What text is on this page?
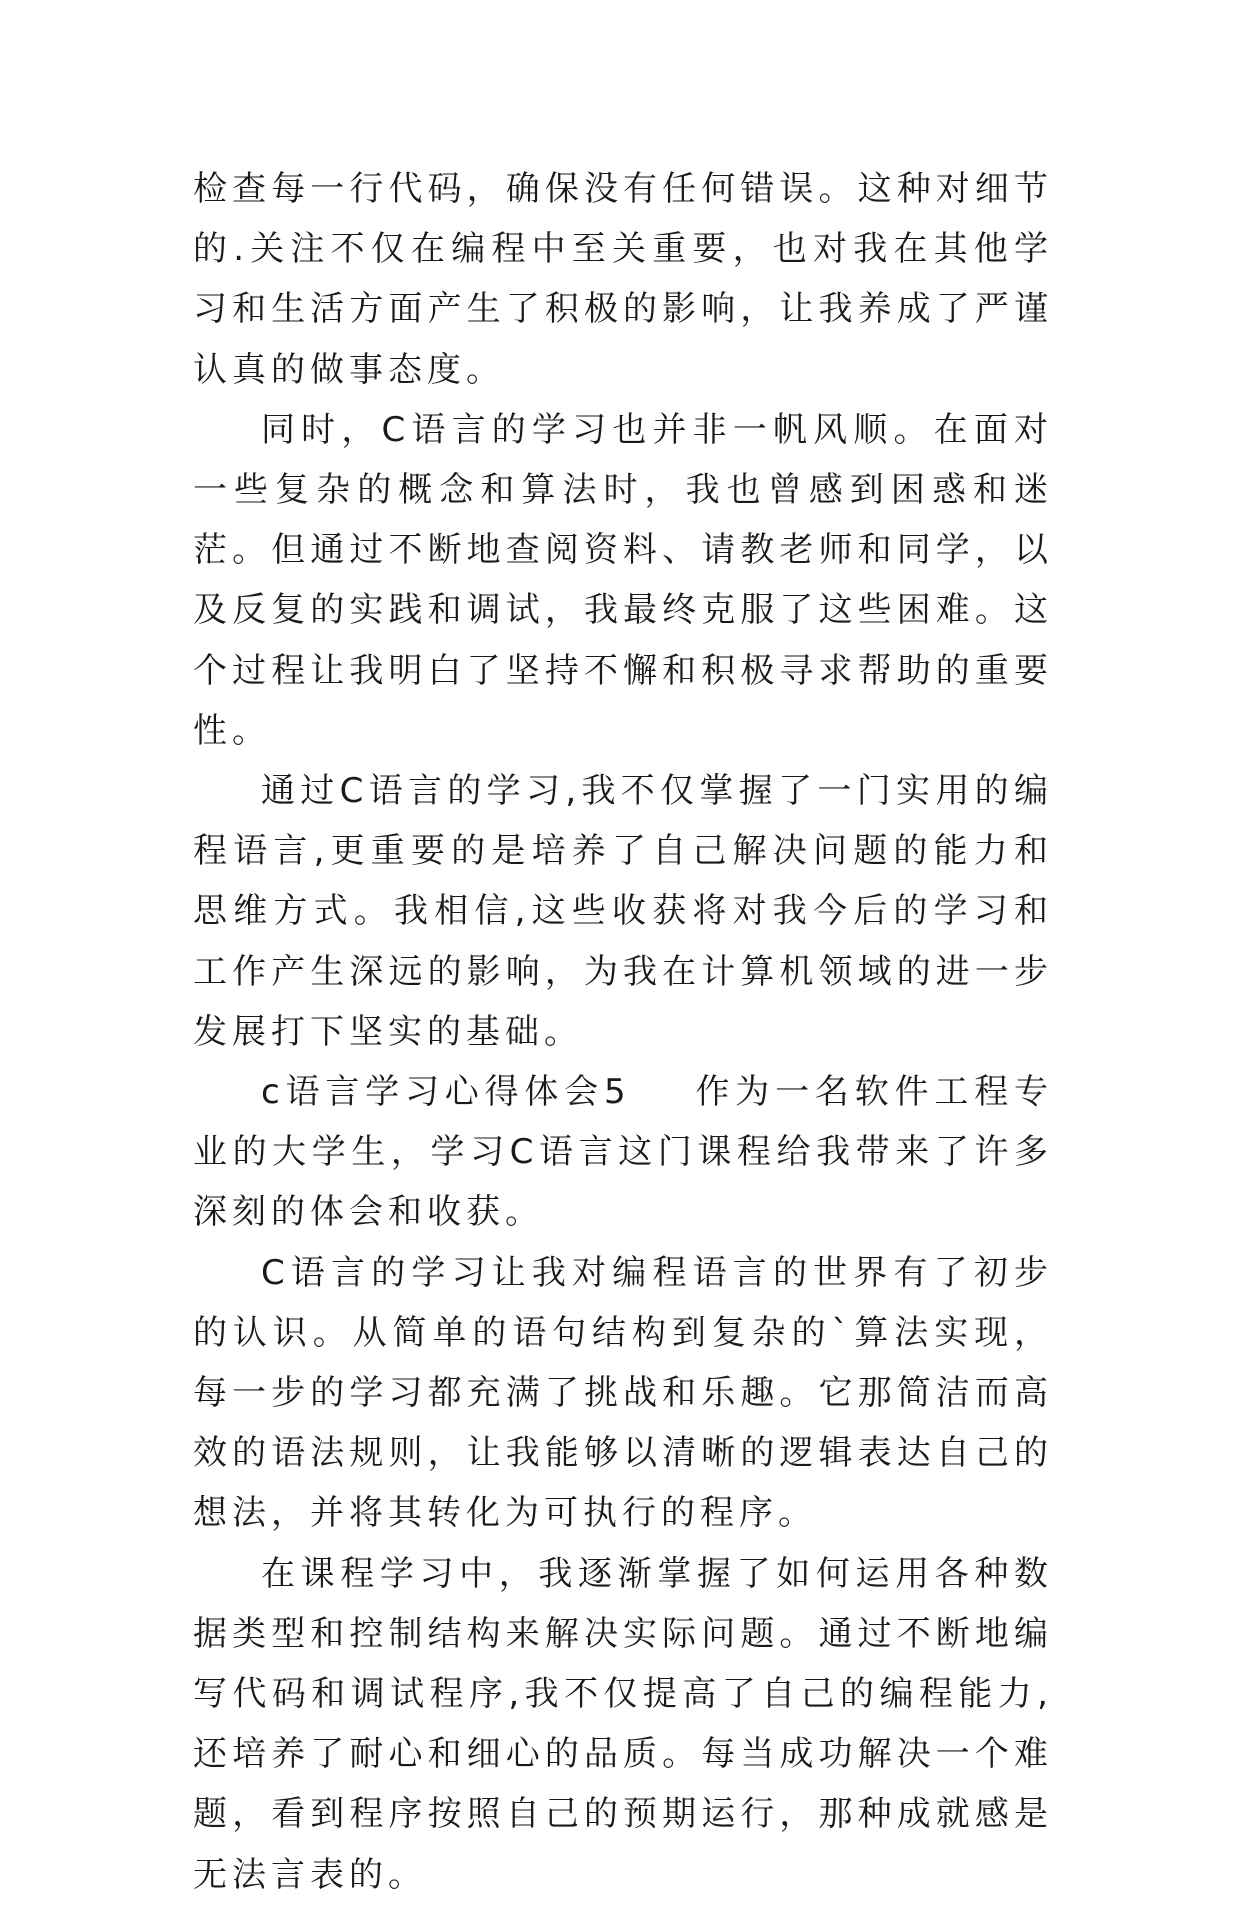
检查每一行代码，确保没有任何错误。这种对细节的.关注不仅在编程中至关重要，也对我在其他学习和生活方面产生了积极的影响，让我养成了严谨认真的做事态度。

同时，C语言的学习也并非一帆风顺。在面对一些复杂的概念和算法时，我也曾感到困惑和迷茫。但通过不断地查阅资料、请教老师和同学，以及反复的实践和调试，我最终克服了这些困难。这个过程让我明白了坚持不懈和积极寻求帮助的重要性。

通过C语言的学习,我不仅掌握了一门实用的编程语言,更重要的是培养了自己解决问题的能力和思维方式。我相信,这些收获将对我今后的学习和工作产生深远的影响，为我在计算机领域的进一步发展打下坚实的基础。

c语言学习心得体会5 作为一名软件工程专业的大学生，学习C语言这门课程给我带来了许多深刻的体会和收获。

C语言的学习让我对编程语言的世界有了初步的认识。从简单的语句结构到复杂的`算法实现，每一步的学习都充满了挑战和乐趣。它那简洁而高效的语法规则，让我能够以清晰的逻辑表达自己的想法，并将其转化为可执行的程序。

在课程学习中，我逐渐掌握了如何运用各种数据类型和控制结构来解决实际问题。通过不断地编写代码和调试程序,我不仅提高了自己的编程能力,还培养了耐心和细心的品质。每当成功解决一个难题，看到程序按照自己的预期运行，那种成就感是无法言表的。
